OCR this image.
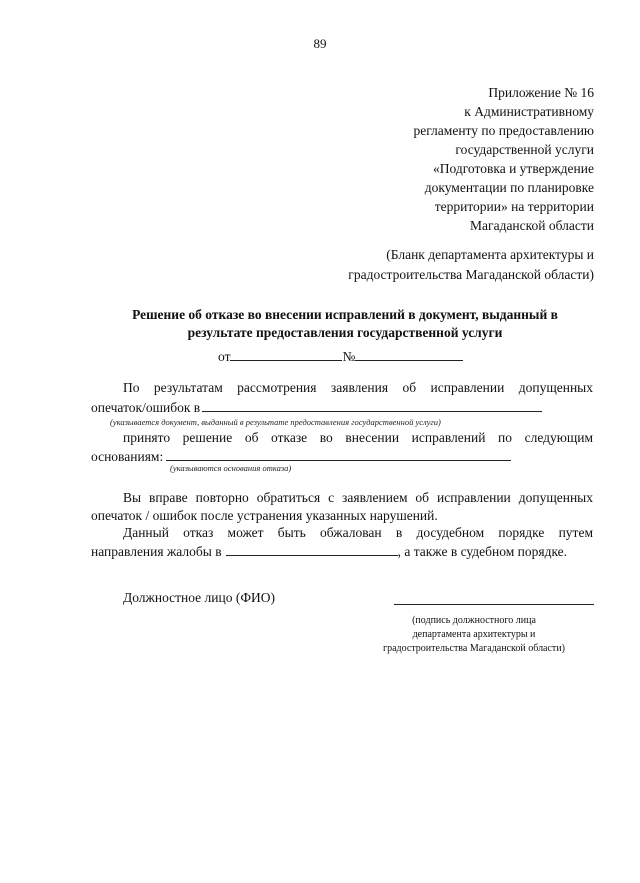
89
Приложение № 16
к Административному
регламенту по предоставлению
государственной услуги
«Подготовка и утверждение
документации по планировке
территории» на территории
Магаданской области
(Бланк департамента архитектуры и
градостроительства Магаданской области)
Решение об отказе во внесении исправлений в документ, выданный в
результате предоставления государственной услуги
от	№
По результатам рассмотрения заявления об исправлении допущенных
опечаток/ошибок в
(указывается документ, выданный в результате предоставления государственной услуги)
принято решение об отказе во внесении исправлений по следующим
основаниям:
(указываются основания отказа)
Вы вправе повторно обратиться с заявлением об исправлении допущенных
опечаток / ошибок после устранения указанных нарушений.
Данный отказ может быть обжалован в досудебном порядке путем
направления жалобы в	, а также в судебном порядке.
Должностное лицо (ФИО)
(подпись должностного лица
департамента архитектуры и
градостроительства Магаданской области)
